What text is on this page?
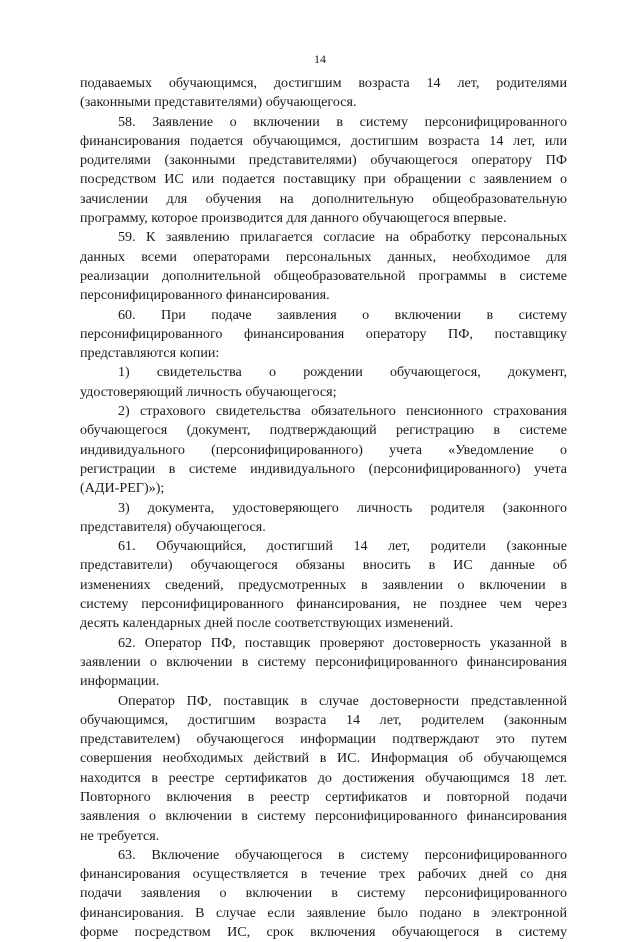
14

подаваемых обучающимся, достигшим возраста 14 лет, родителями

(законными представителями) обучающегося.

58. Заявление о включении в систему персонифицированного

финансирования подается обучающимся, достигшим возраста 14 лет, или

родителями (законными представителями) обучающегося оператору ПФ

посредством ИС или подается поставщику при обращении с заявлением о

зачислении для обучения на дополнительную общеобразовательную

программу, которое производится для данного обучающегося впервые.

59. К заявлению прилагается согласие на обработку персональных

данных всеми операторами персональных данных, необходимое для

реализации дополнительной общеобразовательной программы в системе

персонифицированного финансирования.

60. При подаче заявления о включении в систему

персонифицированного финансирования оператору ПФ, поставщику

представляются копии:

1) свидетельства о рождении обучающегося, документ,

удостоверяющий личность обучающегося;

2) страхового свидетельства обязательного пенсионного страхования

обучающегося (документ, подтверждающий регистрацию в системе

индивидуального (персонифицированного) учета «Уведомление о

регистрации в системе индивидуального (персонифицированного) учета

(АДИ-РЕГ)»);

3) документа, удостоверяющего личность родителя (законного

представителя) обучающегося.

61. Обучающийся, достигший 14 лет, родители (законные

представители) обучающегося обязаны вносить в ИС данные об

изменениях сведений, предусмотренных в заявлении о включении в

систему персонифицированного финансирования, не позднее чем через

десять календарных дней после соответствующих изменений.

62. Оператор ПФ, поставщик проверяют достоверность указанной в

заявлении о включении в систему персонифицированного финансирования

информации.

Оператор ПФ, поставщик в случае достоверности представленной

обучающимся, достигшим возраста 14 лет, родителем (законным

представителем) обучающегося информации подтверждают это путем

совершения необходимых действий в ИС. Информация об обучающемся

находится в реестре сертификатов до достижения обучающимся 18 лет.

Повторного включения в реестр сертификатов и повторной подачи

заявления о включении в систему персонифицированного финансирования

не требуется.

63. Включение обучающегося в систему персонифицированного

финансирования осуществляется в течение трех рабочих дней со дня

подачи заявления о включении в систему персонифицированного

финансирования. В случае если заявление было подано в электронной

форме посредством ИС, срок включения обучающегося в систему
